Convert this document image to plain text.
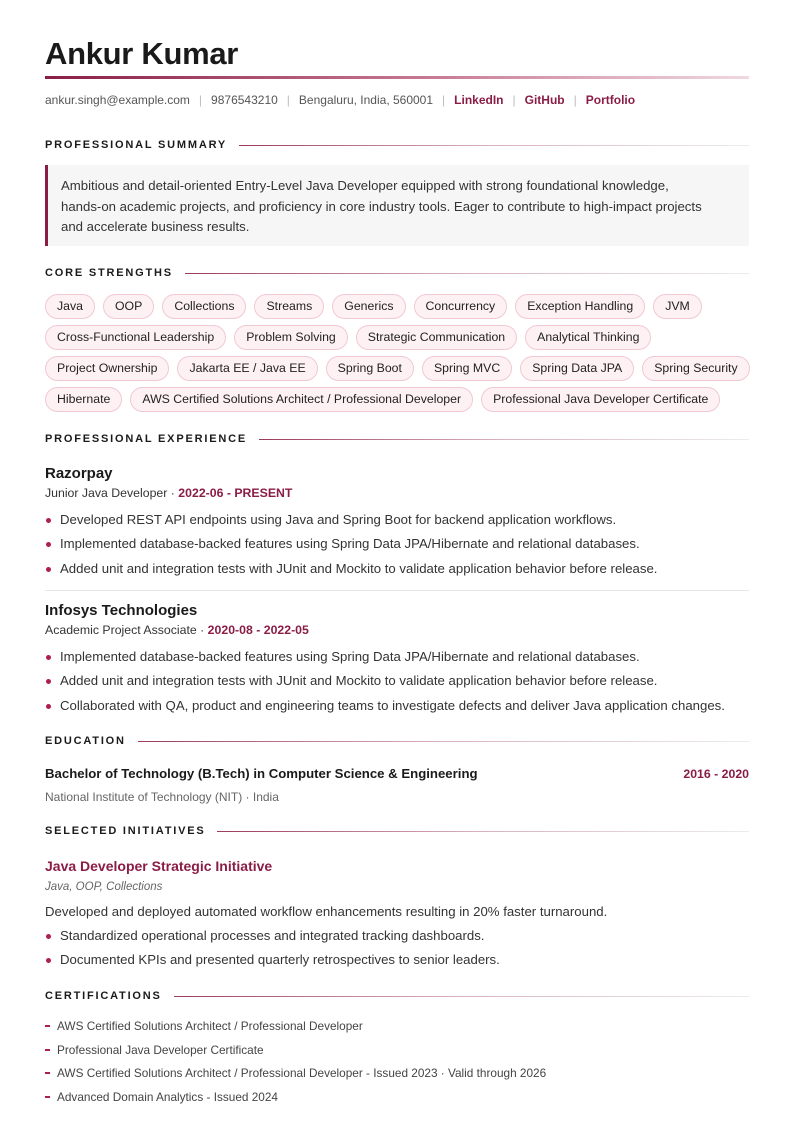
Ankur Kumar
ankur.singh@example.com | 9876543210 | Bengaluru, India, 560001 | LinkedIn | GitHub | Portfolio
PROFESSIONAL SUMMARY
Ambitious and detail-oriented Entry-Level Java Developer equipped with strong foundational knowledge,
hands-on academic projects, and proficiency in core industry tools. Eager to contribute to high-impact projects
and accelerate business results.
CORE STRENGTHS
Java	OOP	Collections	Streams	Generics	Concurrency	Exception Handling	JVM
Cross-Functional Leadership	Problem Solving	Strategic Communication	Analytical Thinking
Project Ownership	Jakarta EE / Java EE	Spring Boot	Spring MVC	Spring Data JPA	Spring Security
Hibernate	AWS Certified Solutions Architect / Professional Developer	Professional Java Developer Certificate
PROFESSIONAL EXPERIENCE
Razorpay
Junior Java Developer · 2022-06 - PRESENT
Developed REST API endpoints using Java and Spring Boot for backend application workflows.
Implemented database-backed features using Spring Data JPA/Hibernate and relational databases.
Added unit and integration tests with JUnit and Mockito to validate application behavior before release.
Infosys Technologies
Academic Project Associate · 2020-08 - 2022-05
Implemented database-backed features using Spring Data JPA/Hibernate and relational databases.
Added unit and integration tests with JUnit and Mockito to validate application behavior before release.
Collaborated with QA, product and engineering teams to investigate defects and deliver Java application changes.
EDUCATION
Bachelor of Technology (B.Tech) in Computer Science & Engineering	2016 - 2020
National Institute of Technology (NIT) · India
SELECTED INITIATIVES
Java Developer Strategic Initiative
Java, OOP, Collections
Developed and deployed automated workflow enhancements resulting in 20% faster turnaround.
Standardized operational processes and integrated tracking dashboards.
Documented KPIs and presented quarterly retrospectives to senior leaders.
CERTIFICATIONS
AWS Certified Solutions Architect / Professional Developer
Professional Java Developer Certificate
AWS Certified Solutions Architect / Professional Developer - Issued 2023 · Valid through 2026
Advanced Domain Analytics - Issued 2024
